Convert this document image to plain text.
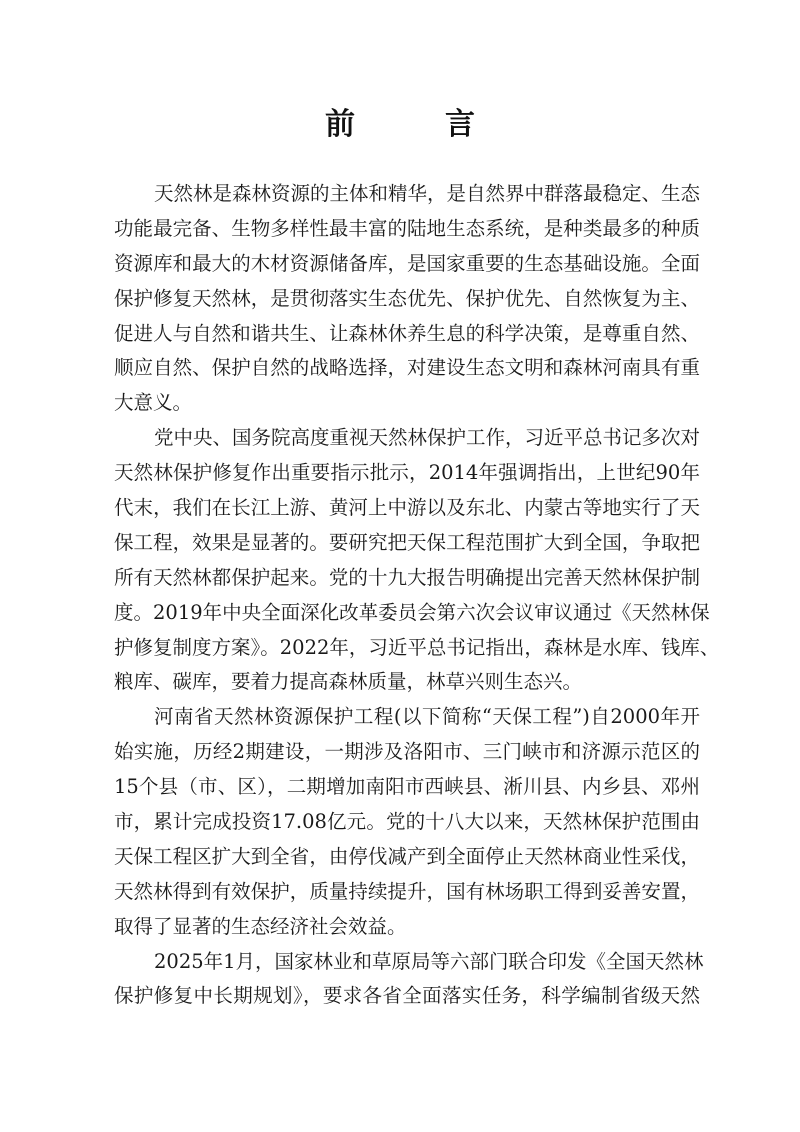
前　言

天然林是森林资源的主体和精华，是自然界中群落最稳定、生态
功能最完备、生物多样性最丰富的陆地生态系统，是种类最多的种质
资源库和最大的木材资源储备库，是国家重要的生态基础设施。全面
保护修复天然林，是贯彻落实生态优先、保护优先、自然恢复为主、
促进人与自然和谐共生、让森林休养生息的科学决策，是尊重自然、
顺应自然、保护自然的战略选择，对建设生态文明和森林河南具有重
大意义。

党中央、国务院高度重视天然林保护工作，习近平总书记多次对
天然林保护修复作出重要指示批示，2014年强调指出，上世纪90年
代末，我们在长江上游、黄河上中游以及东北、内蒙古等地实行了天
保工程，效果是显著的。要研究把天保工程范围扩大到全国，争取把
所有天然林都保护起来。党的十九大报告明确提出完善天然林保护制
度。2019年中央全面深化改革委员会第六次会议审议通过《天然林保
护修复制度方案》。2022年，习近平总书记指出，森林是水库、钱库、
粮库、碳库，要着力提高森林质量，林草兴则生态兴。

河南省天然林资源保护工程(以下简称“天保工程”)自2000年开
始实施，历经2期建设，一期涉及洛阳市、三门峡市和济源示范区的
15个县（市、区），二期增加南阳市西峡县、淅川县、内乡县、邓州
市，累计完成投资17.08亿元。党的十八大以来，天然林保护范围由
天保工程区扩大到全省，由停伐减产到全面停止天然林商业性采伐，
天然林得到有效保护，质量持续提升，国有林场职工得到妥善安置，
取得了显著的生态经济社会效益。

2025年1月，国家林业和草原局等六部门联合印发《全国天然林
保护修复中长期规划》，要求各省全面落实任务，科学编制省级天然
